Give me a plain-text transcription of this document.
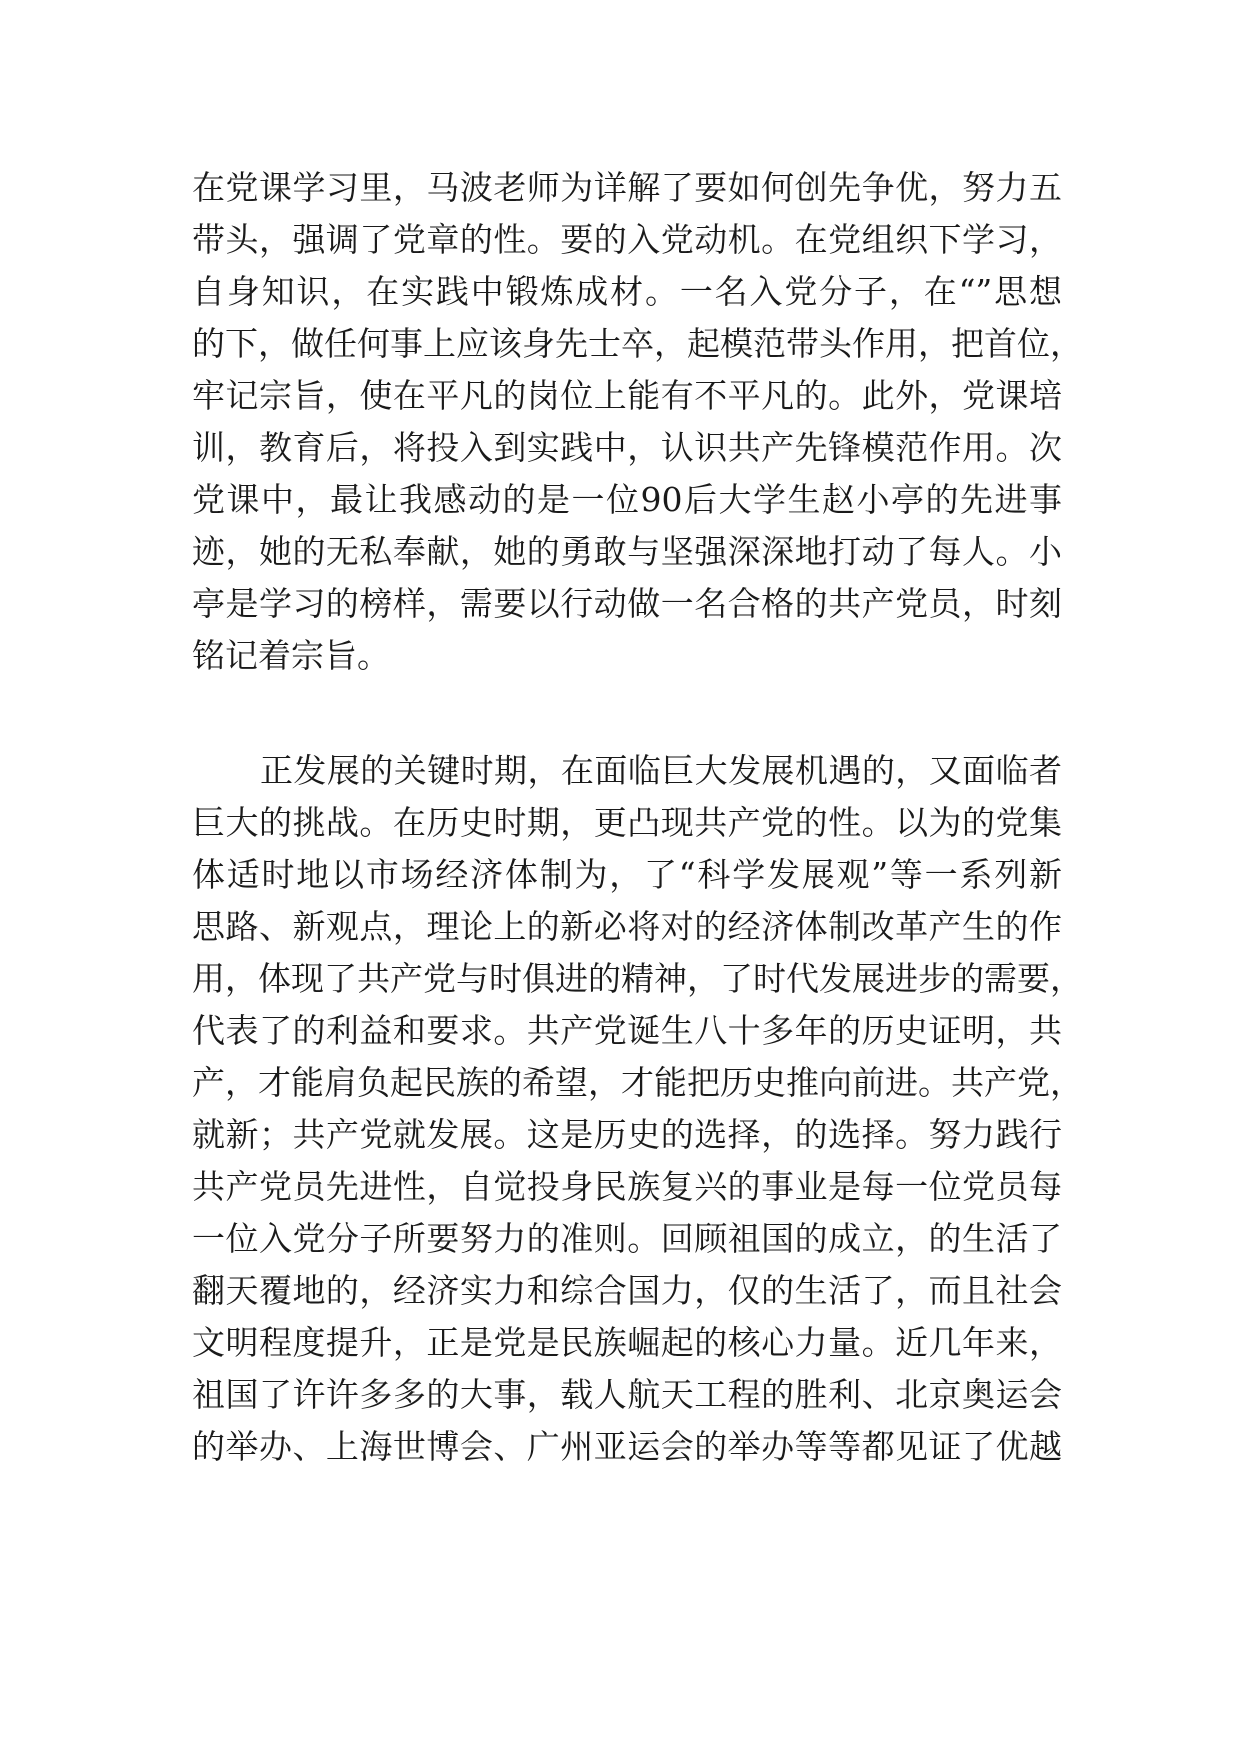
在党课学习里，马波老师为详解了要如何创先争优，努力五
带头，强调了党章的性。要的入党动机。在党组织下学习，
自身知识，在实践中锻炼成材。一名入党分子，在“”思想
的下，做任何事上应该身先士卒，起模范带头作用，把首位，
牢记宗旨，使在平凡的岗位上能有不平凡的。此外，党课培
训，教育后，将投入到实践中，认识共产先锋模范作用。次
党课中，最让我感动的是一位90后大学生赵小亭的先进事
迹，她的无私奉献，她的勇敢与坚强深深地打动了每人。小
亭是学习的榜样，需要以行动做一名合格的共产党员，时刻
铭记着宗旨。
正发展的关键时期，在面临巨大发展机遇的，又面临者
巨大的挑战。在历史时期，更凸现共产党的性。以为的党集
体适时地以市场经济体制为，了“科学发展观”等一系列新
思路、新观点，理论上的新必将对的经济体制改革产生的作
用，体现了共产党与时俱进的精神，了时代发展进步的需要，
代表了的利益和要求。共产党诞生八十多年的历史证明，共
产，才能肩负起民族的希望，才能把历史推向前进。共产党，
就新；共产党就发展。这是历史的选择，的选择。努力践行
共产党员先进性，自觉投身民族复兴的事业是每一位党员每
一位入党分子所要努力的准则。回顾祖国的成立，的生活了
翻天覆地的，经济实力和综合国力，仅的生活了，而且社会
文明程度提升，正是党是民族崛起的核心力量。近几年来，
祖国了许许多多的大事，载人航天工程的胜利、北京奥运会
的举办、上海世博会、广州亚运会的举办等等都见证了优越
